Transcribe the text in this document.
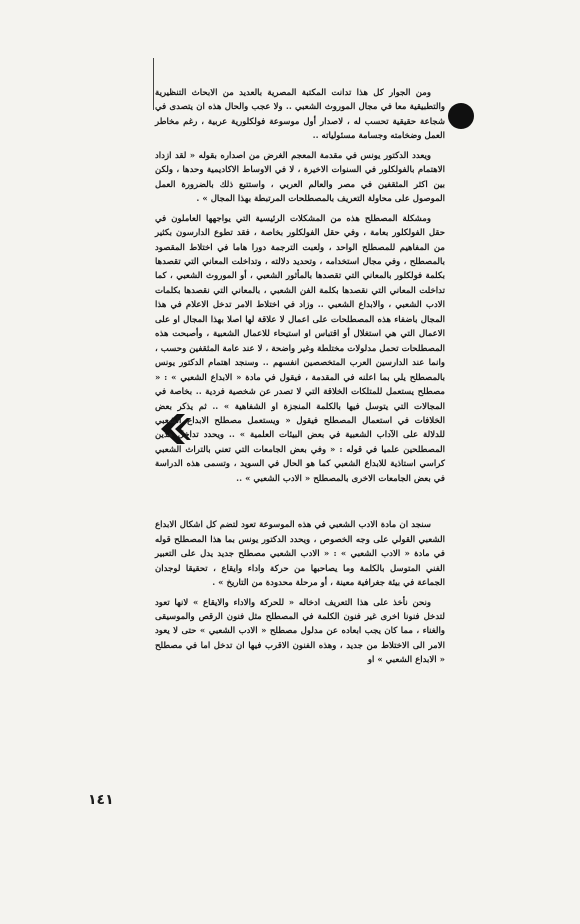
ومن الجوار كل هذا تدانت المكتبة المصرية بالعديد من الابحاث التنظيرية والتطبيقية معا في مجال الموروث الشعبي .. ولا عجب والحال هذه ان يتصدى في شجاعة حقيقية تحسب له ، لاصدار أول موسوعة فولكلورية عربية ، رغم مخاطر العمل وضخامته وجسامة مسئولياته ..

ويعدد الدكتور يونس في مقدمة المعجم الغرض من اصداره بقوله « لقد ازداد الاهتمام بالفولكلور في السنوات الاخيرة ، لا في الاوساط الاكاديمية وحدها ، ولكن بين اكثر المثقفين في مصر والعالم العربي ، واستتبع ذلك بالضرورة العمل الموصول على محاولة التعريف بالمصطلحات المرتبطة بهذا المجال » .

ومشكلة المصطلح هذه من المشكلات الرئيسية التي يواجهها العاملون في حقل الفولكلور بعامة ، وفي حقل الفولكلور بخاصة ، فقد تطوع الدارسون بكثير من المفاهيم للمصطلح الواحد ، ولعبت الترجمة دورا هاما في اختلاط المقصود بالمصطلح ، وفي مجال استخدامه ، وتحديد دلالته ، وتداخلت المعاني التي تقصدها بكلمة فولكلور بالمعاني التي تقصدها بالمأثور الشعبي ، أو الموروث الشعبي ، كما تداخلت المعاني التي نقصدها بكلمة الفن الشعبي ، بالمعاني التي نقصدها بكلمات الادب الشعبي ، والابداع الشعبي .. وزاد في اختلاط الامر تدخل الاعلام في هذا المجال باضفاء هذه المصطلحات على اعمال لا علاقة لها اصلا بهذا المجال او على الاعمال التي هي استغلال أو اقتباس او استيحاء للاعمال الشعبية ، وأصبحت هذه المصطلحات تحمل مدلولات مختلطة وغير واضحة ، لا عند عامة المثقفين وحسب ، وانما عند الدارسين العرب المتخصصين انفسهم .. وسنجد اهتمام الدكتور يونس بالمصطلح يلي بما اعلنه في المقدمة ، فيقول في مادة « الابداع الشعبي » : « مصطلح يستعمل للمتلكات الخلاقة التي لا تصدر عن شخصية فردية .. بخاصة في المجالات التي يتوسل فيها بالكلمة المنجزة او الشفاهية » .. ثم يذكر بعض الخلافات في استعمال المصطلح فيقول « ويستعمل مصطلح الابداع الشعبي للدلالة على الآداب الشعبية في بعض البيئات العلمية » .. ويحدد تداخل هذين المصطلحين علميا في قوله : « وفي بعض الجامعات التي تعني بالتراث الشعبي كراسي استاذية للابداع الشعبي كما هو الحال في السويد ، وتسمى هذه الدراسة في بعض الجامعات الاخرى بالمصطلح « الادب الشعبي » ..

سنجد ان مادة الادب الشعبي في هذه الموسوعة تعود لتضم كل اشكال الابداع الشعبي القولي على وجه الخصوص ، ويحدد الدكتور يونس بما هذا المصطلح قوله في مادة « الادب الشعبي » : « الادب الشعبي مصطلح جديد يدل على التعبير الفني المتوسل بالكلمة وما يصاحبها من حركة واداء وايقاع ، تحقيقا لوجدان الجماعة في بيئة جغرافية معينة ، أو مرحلة محدودة من التاريخ » .

ونحن نأخذ على هذا التعريف ادخاله « للحركة والاداء والايقاع » لانها تعود لتدخل فنونا اخرى غير فنون الكلمة في المصطلح مثل فنون الرقص والموسيقى والغناء ، مما كان يجب ابعاده عن مدلول مصطلح « الادب الشعبي » حتى لا يعود الامر الى الاختلاط من جديد ، وهذه الفنون الاقرب فيها ان تدخل اما في مصطلح « الابداع الشعبي » او

١٤١
